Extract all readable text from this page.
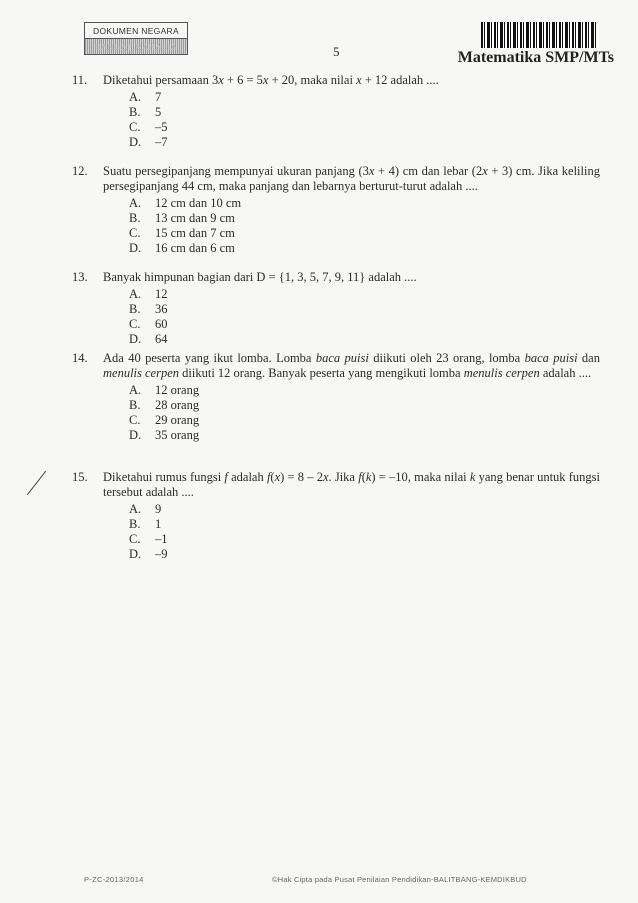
DOKUMEN NEGARA
SANGAT RAHASIA	5	Matematika SMP/MTs
11. Diketahui persamaan 3x + 6 = 5x + 20, maka nilai x + 12 adalah ....
A. 7
B. 5
C. –5
D. –7
12. Suatu persegipanjang mempunyai ukuran panjang (3x + 4) cm dan lebar (2x + 3) cm. Jika keliling persegipanjang 44 cm, maka panjang dan lebarnya berturut-turut adalah ....
A. 12 cm dan 10 cm
B. 13 cm dan 9 cm
C. 15 cm dan 7 cm
D. 16 cm dan 6 cm
13. Banyak himpunan bagian dari D = {1, 3, 5, 7, 9, 11} adalah ....
A. 12
B. 36
C. 60
D. 64
14. Ada 40 peserta yang ikut lomba. Lomba baca puisi diikuti oleh 23 orang, lomba baca puisi dan menulis cerpen diikuti 12 orang. Banyak peserta yang mengikuti lomba menulis cerpen adalah ....
A. 12 orang
B. 28 orang
C. 29 orang
D. 35 orang
15. Diketahui rumus fungsi f adalah f(x) = 8 – 2x. Jika f(k) = –10, maka nilai k yang benar untuk fungsi tersebut adalah ....
A. 9
B. 1
C. –1
D. –9
P-ZC-2013/2014	©Hak Cipta pada Pusat Penilaian Pendidikan-BALITBANG-KEMDIKBUD
